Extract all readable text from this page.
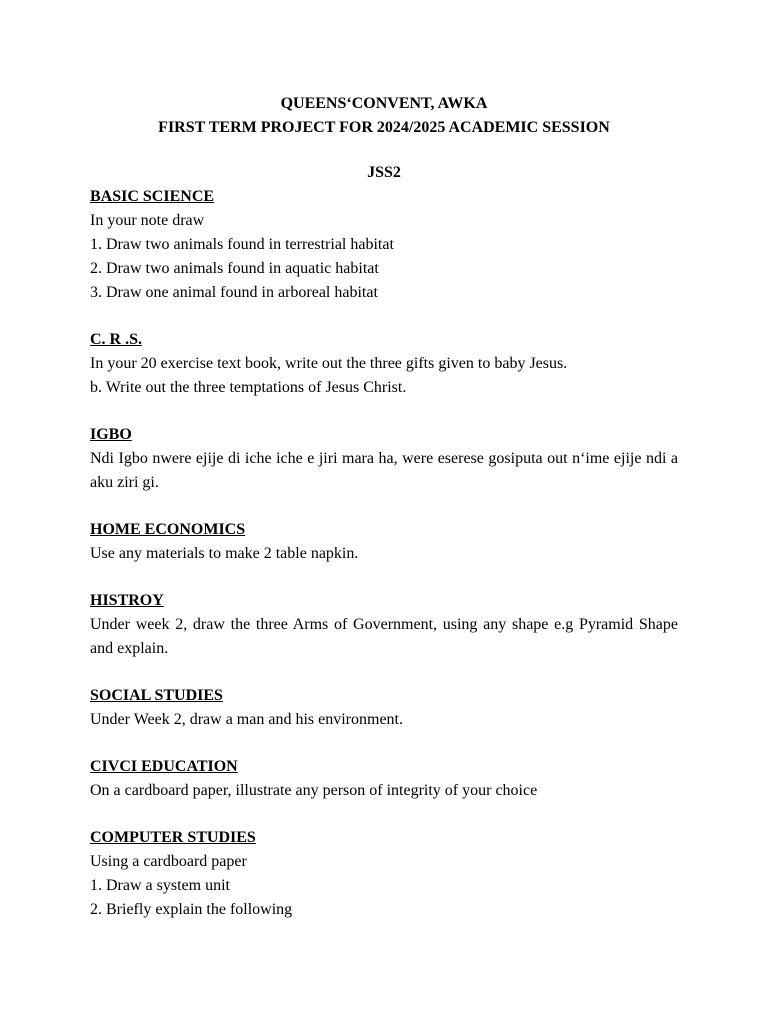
QUEENS‘CONVENT, AWKA

FIRST TERM PROJECT FOR 2024/2025 ACADEMIC SESSION

JSS2

BASIC SCIENCE

In your note draw

1. Draw two animals found in terrestrial habitat

2. Draw two animals found in aquatic habitat

3. Draw one animal found in arboreal habitat

C. R .S.

In your 20 exercise text book, write out the three gifts given to baby Jesus.

b. Write out the three temptations of Jesus Christ.

IGBO

Ndi Igbo nwere ejije di iche iche e jiri mara ha, were eserese gosiputa out n‘ime ejije ndi a aku ziri gi.

HOME ECONOMICS

Use any materials to make 2 table napkin.

HISTROY

Under week 2, draw the three Arms of Government, using any shape e.g Pyramid Shape and explain.

SOCIAL STUDIES

Under Week 2, draw a man and his environment.

CIVCI EDUCATION

On a cardboard paper, illustrate any person of integrity of your choice

COMPUTER STUDIES

Using a cardboard paper

1. Draw a system unit

2. Briefly explain the following
